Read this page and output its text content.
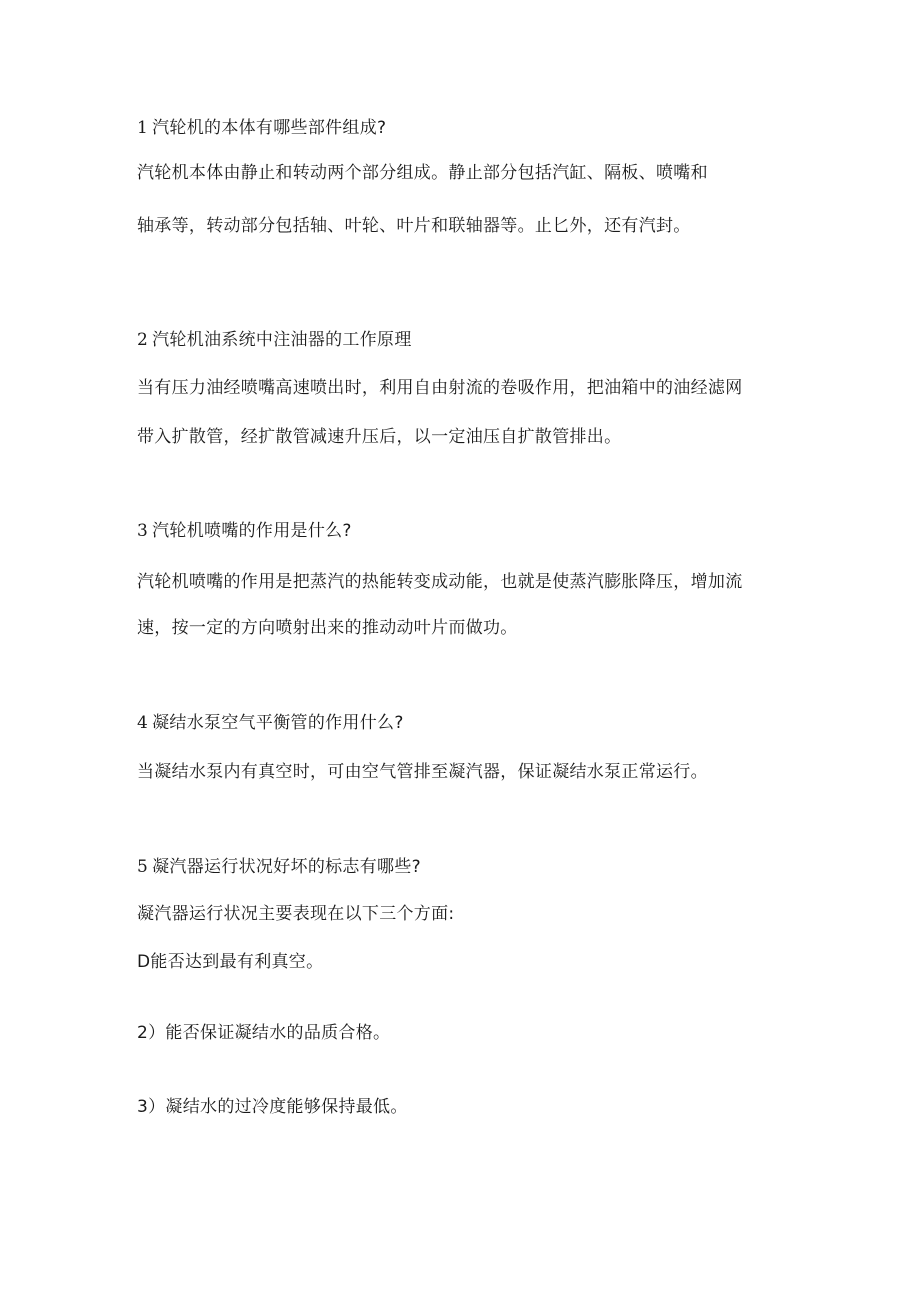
1 汽轮机的本体有哪些部件组成?
汽轮机本体由静止和转动两个部分组成。静止部分包括汽缸、隔板、喷嘴和
轴承等，转动部分包括轴、叶轮、叶片和联轴器等。止匕外，还有汽封。
2 汽轮机油系统中注油器的工作原理
当有压力油经喷嘴高速喷出时，利用自由射流的卷吸作用，把油箱中的油经滤网
带入扩散管，经扩散管减速升压后，以一定油压自扩散管排出。
3 汽轮机喷嘴的作用是什么?
汽轮机喷嘴的作用是把蒸汽的热能转变成动能，也就是使蒸汽膨胀降压，增加流
速，按一定的方向喷射出来的推动动叶片而做功。
4 凝结水泵空气平衡管的作用什么?
当凝结水泵内有真空时，可由空气管排至凝汽器，保证凝结水泵正常运行。
5 凝汽器运行状况好坏的标志有哪些?
凝汽器运行状况主要表现在以下三个方面:
D能否达到最有利真空。
2）能否保证凝结水的品质合格。
3）凝结水的过冷度能够保持最低。
